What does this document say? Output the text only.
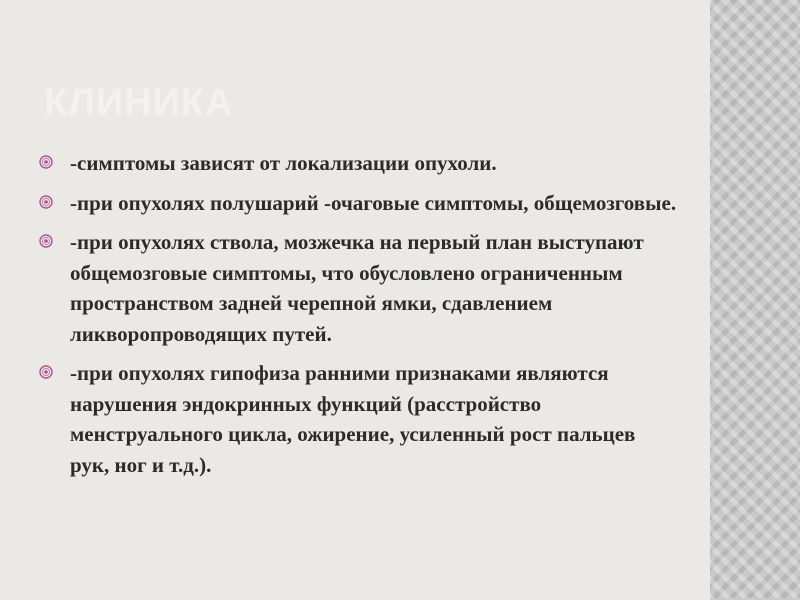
КЛИНИКА
-симптомы зависят от локализации опухоли.
-при опухолях полушарий -очаговые симптомы, общемозговые.
-при опухолях ствола, мозжечка на первый план выступают общемозговые симптомы, что обусловлено ограниченным пространством задней черепной ямки, сдавлением ликворопроводящих путей.
-при опухолях гипофиза ранними признаками являются нарушения эндокринных функций (расстройство менструального цикла, ожирение, усиленный рост пальцев рук, ног и т.д.).
